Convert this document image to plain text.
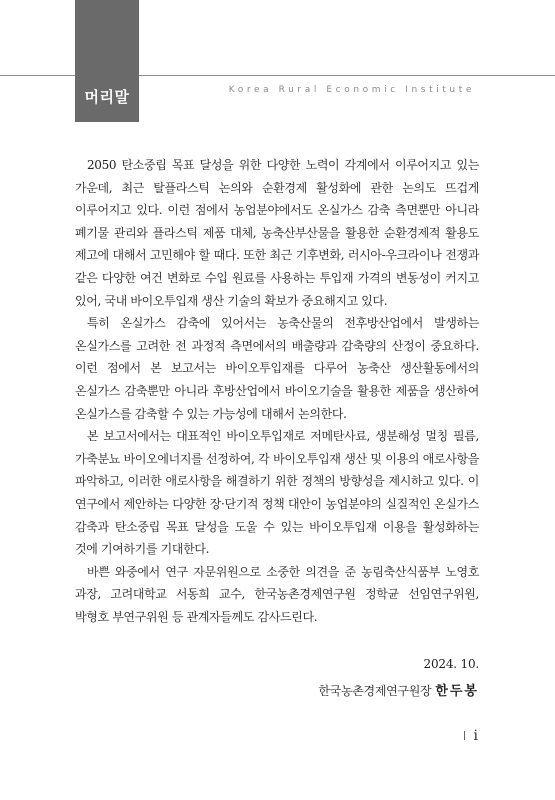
머리말	Korea Rural Economic Institute

2050 탄소중립 목표 달성을 위한 다양한 노력이 각계에서 이루어지고 있는 가운데, 최근 탈플라스틱 논의와 순환경제 활성화에 관한 논의도 뜨겁게 이루어지고 있다. 이런 점에서 농업분야에서도 온실가스 감축 측면뿐만 아니라 폐기물 관리와 플라스틱 제품 대체, 농축산부산물을 활용한 순환경제적 활용도 제고에 대해서 고민해야 할 때다. 또한 최근 기후변화, 러시아-우크라이나 전쟁과 같은 다양한 여건 변화로 수입 원료를 사용하는 투입재 가격의 변동성이 커지고 있어, 국내 바이오투입재 생산 기술의 확보가 중요해지고 있다.

특히 온실가스 감축에 있어서는 농축산물의 전후방산업에서 발생하는 온실가스를 고려한 전 과정적 측면에서의 배출량과 감축량의 산정이 중요하다. 이런 점에서 본 보고서는 바이오투입재를 다루어 농축산 생산활동에서의 온실가스 감축뿐만 아니라 후방산업에서 바이오기술을 활용한 제품을 생산하여 온실가스를 감축할 수 있는 가능성에 대해서 논의한다.

본 보고서에서는 대표적인 바이오투입재로 저메탄사료, 생분해성 멀칭 필름, 가축분뇨 바이오에너지를 선정하여, 각 바이오투입재 생산 및 이용의 애로사항을 파악하고, 이러한 애로사항을 해결하기 위한 정책의 방향성을 제시하고 있다. 이 연구에서 제안하는 다양한 장·단기적 정책 대안이 농업분야의 실질적인 온실가스 감축과 탄소중립 목표 달성을 도울 수 있는 바이오투입재 이용을 활성화하는 것에 기여하기를 기대한다.

바쁜 와중에서 연구 자문위원으로 소중한 의견을 준 농림축산식품부 노영호 과장, 고려대학교 서동희 교수, 한국농촌경제연구원 정학균 선임연구위원, 박형호 부연구위원 등 관계자들께도 감사드린다.

2024. 10.
한국농촌경제연구원장 한두봉
i
